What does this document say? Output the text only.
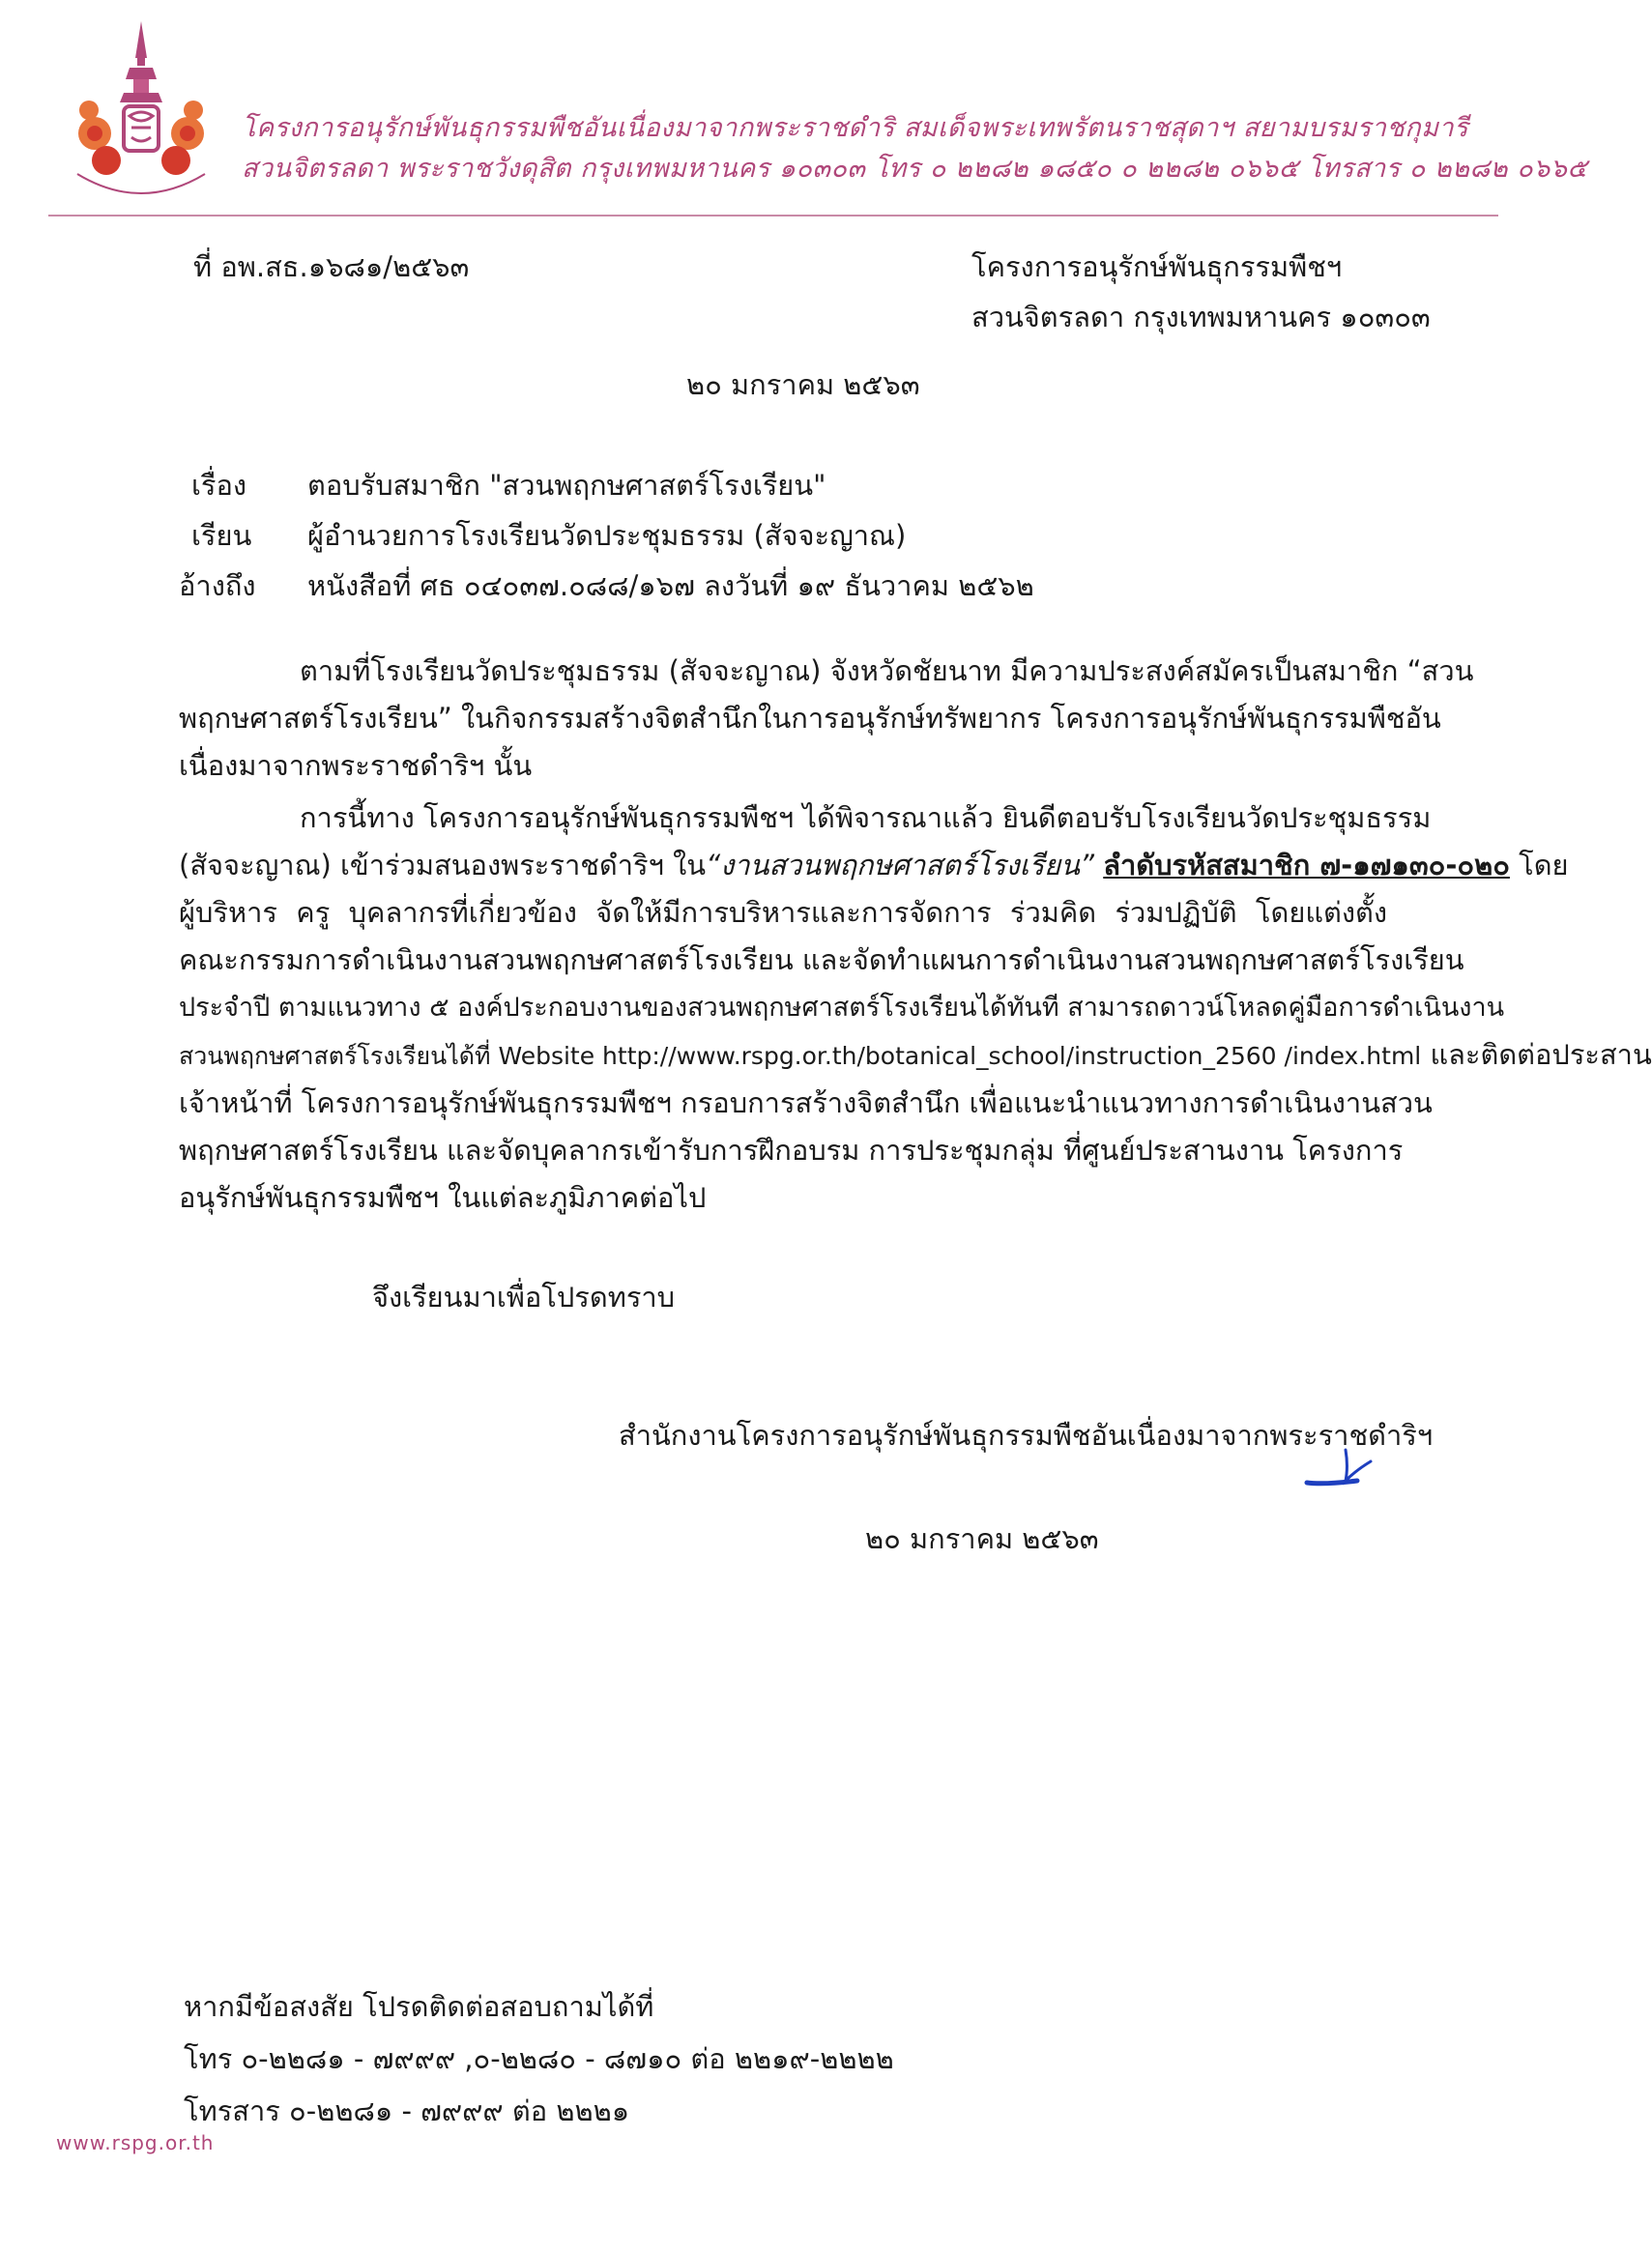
โครงการอนุรักษ์พันธุกรรมพืชอันเนื่องมาจากพระราชดำริ สมเด็จพระเทพรัตนราชสุดาฯ สยามบรมราชกุมารี
สวนจิตรลดา พระราชวังดุสิต กรุงเทพมหานคร ๑๐๓๐๓ โทร ๐ ๒๒๘๒ ๑๘๕๐ ๐ ๒๒๘๒ ๐๖๖๕ โทรสาร ๐ ๒๒๘๒ ๐๖๖๕
ที่ อพ.สธ.๑๖๘๑/๒๕๖๓	โครงการอนุรักษ์พันธุกรรมพืชฯ
สวนจิตรลดา กรุงเทพมหานคร ๑๐๓๐๓
๒๐ มกราคม ๒๕๖๓
เรื่อง	ตอบรับสมาชิก "สวนพฤกษศาสตร์โรงเรียน"
เรียน	ผู้อำนวยการโรงเรียนวัดประชุมธรรม (สัจจะญาณ)
อ้างถึง	หนังสือที่ ศธ ๐๔๐๓๗.๐๘๘/๑๖๗ ลงวันที่ ๑๙ ธันวาคม ๒๕๖๒
ตามที่โรงเรียนวัดประชุมธรรม (สัจจะญาณ) จังหวัดชัยนาท มีความประสงค์สมัครเป็นสมาชิก “สวน
พฤกษศาสตร์โรงเรียน” ในกิจกรรมสร้างจิตสำนึกในการอนุรักษ์ทรัพยากร โครงการอนุรักษ์พันธุกรรมพืชอัน
เนื่องมาจากพระราชดำริฯ นั้น
การนี้ทาง โครงการอนุรักษ์พันธุกรรมพืชฯ ได้พิจารณาแล้ว ยินดีตอบรับโรงเรียนวัดประชุมธรรม
(สัจจะญาณ) เข้าร่วมสนองพระราชดำริฯ ใน“งานสวนพฤกษศาสตร์โรงเรียน” ลำดับรหัสสมาชิก ๗-๑๗๑๓๐-๐๒๐ โดย
ผู้บริหาร ครู บุคลากรที่เกี่ยวข้อง จัดให้มีการบริหารและการจัดการ ร่วมคิด ร่วมปฏิบัติ โดยแต่งตั้ง
คณะกรรมการดำเนินงานสวนพฤกษศาสตร์โรงเรียน และจัดทำแผนการดำเนินงานสวนพฤกษศาสตร์โรงเรียน
ประจำปี ตามแนวทาง ๕ องค์ประกอบงานของสวนพฤกษศาสตร์โรงเรียนได้ทันที สามารถดาวน์โหลดคู่มือการดำเนินงาน
สวนพฤกษศาสตร์โรงเรียนได้ที่ Website http://www.rspg.or.th/botanical_school/instruction_2560 /index.html และติดต่อประสาน
เจ้าหน้าที่ โครงการอนุรักษ์พันธุกรรมพืชฯ กรอบการสร้างจิตสำนึก เพื่อแนะนำแนวทางการดำเนินงานสวน
พฤกษศาสตร์โรงเรียน และจัดบุคลากรเข้ารับการฝึกอบรม การประชุมกลุ่ม ที่ศูนย์ประสานงาน โครงการ
อนุรักษ์พันธุกรรมพืชฯ ในแต่ละภูมิภาคต่อไป
จึงเรียนมาเพื่อโปรดทราบ
สำนักงานโครงการอนุรักษ์พันธุกรรมพืชอันเนื่องมาจากพระราชดำริฯ
๒๐ มกราคม ๒๕๖๓
หากมีข้อสงสัย โปรดติดต่อสอบถามได้ที่
โทร ๐-๒๒๘๑ - ๗๙๙๙ ,๐-๒๒๘๐ - ๘๗๑๐ ต่อ ๒๒๑๙-๒๒๒๒
โทรสาร ๐-๒๒๘๑ - ๗๙๙๙ ต่อ ๒๒๒๑
www.rspg.or.th
